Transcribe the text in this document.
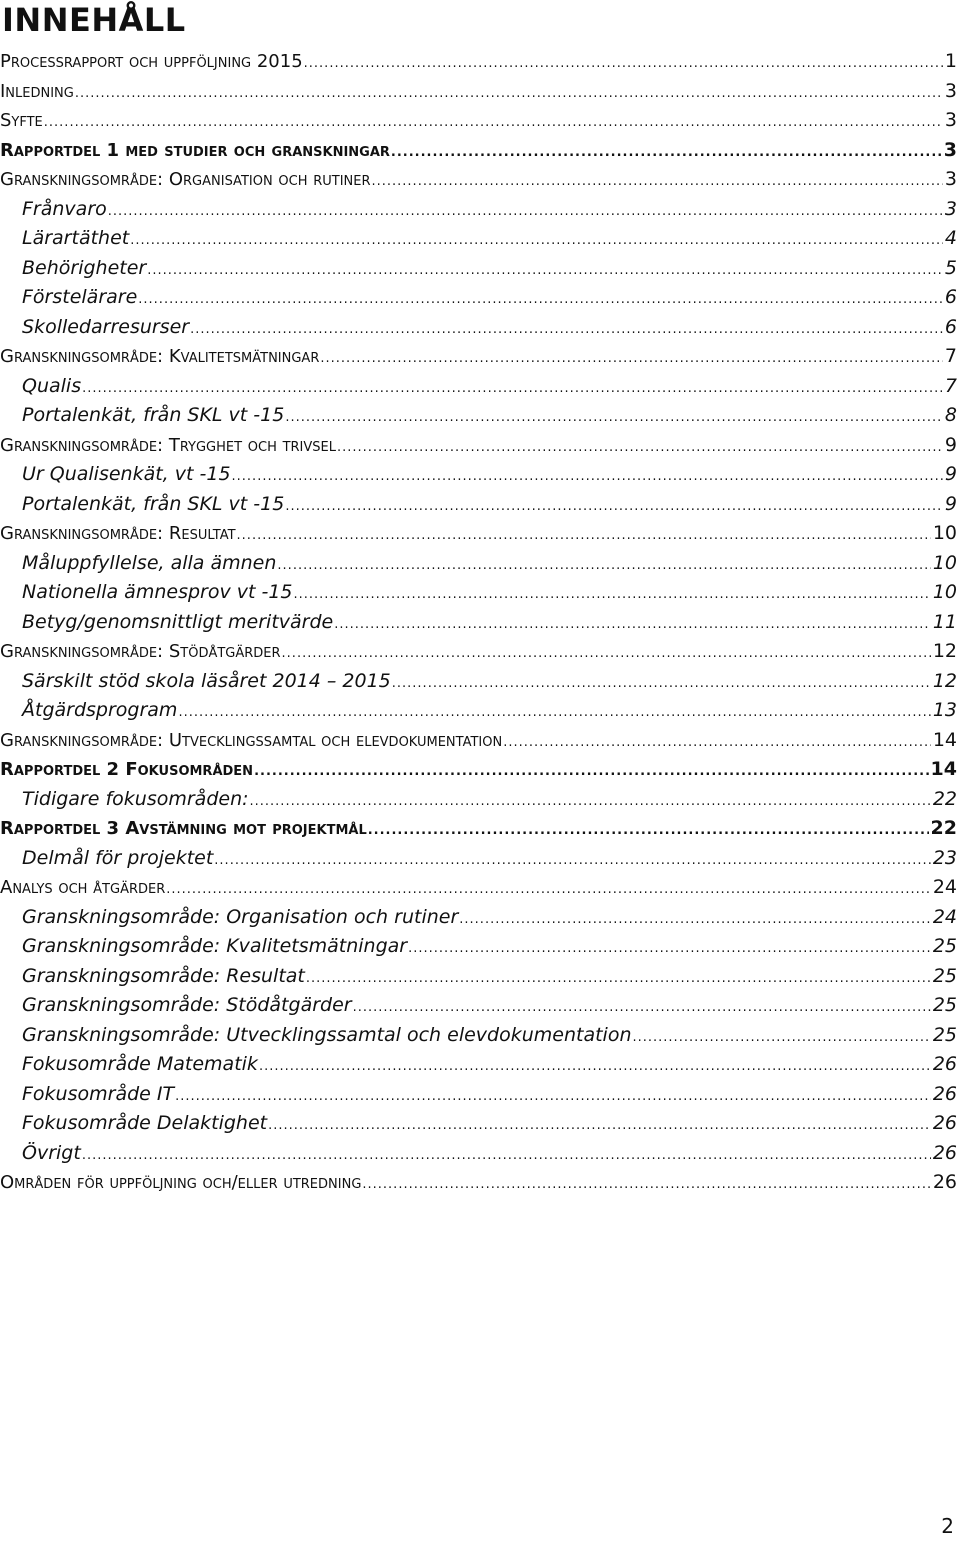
INNEHÅLL
Processrapport och uppföljning 2015 .....	1
Inledning .....	3
Syfte .....	3
Rapportdel 1 med studier och granskningar .....	3
Granskningsområde: Organisation och rutiner .....	3
Frånvaro .....	3
Lärartäthet .....	4
Behörigheter .....	5
Förstelärare .....	6
Skolledarresurser .....	6
Granskningsområde: Kvalitetsmätningar .....	7
Qualis .....	7
Portalenkät, från SKL vt -15 .....	8
Granskningsområde: Trygghet och trivsel .....	9
Ur Qualisenkät, vt -15 .....	9
Portalenkät, från SKL vt -15 .....	9
Granskningsområde: Resultat .....	10
Måluppfyllelse, alla ämnen .....	10
Nationella ämnesprov vt -15 .....	10
Betyg/genomsnittligt meritvärde .....	11
Granskningsområde: Stödåtgärder .....	12
Särskilt stöd skola läsåret 2014 – 2015 .....	12
Åtgärdsprogram .....	13
Granskningsområde: Utvecklingssamtal och elevdokumentation .....	14
Rapportdel 2 Fokusområden .....	14
Tidigare fokusområden: .....	22
Rapportdel 3 Avstämning mot projektmål .....	22
Delmål för projektet .....	23
Analys och åtgärder .....	24
Granskningsområde: Organisation och rutiner .....	24
Granskningsområde: Kvalitetsmätningar .....	25
Granskningsområde: Resultat .....	25
Granskningsområde: Stödåtgärder .....	25
Granskningsområde: Utvecklingssamtal och elevdokumentation .....	25
Fokusområde Matematik .....	26
Fokusområde IT .....	26
Fokusområde Delaktighet .....	26
Övrigt .....	26
Områden för uppföljning och/eller utredning .....	26
2
